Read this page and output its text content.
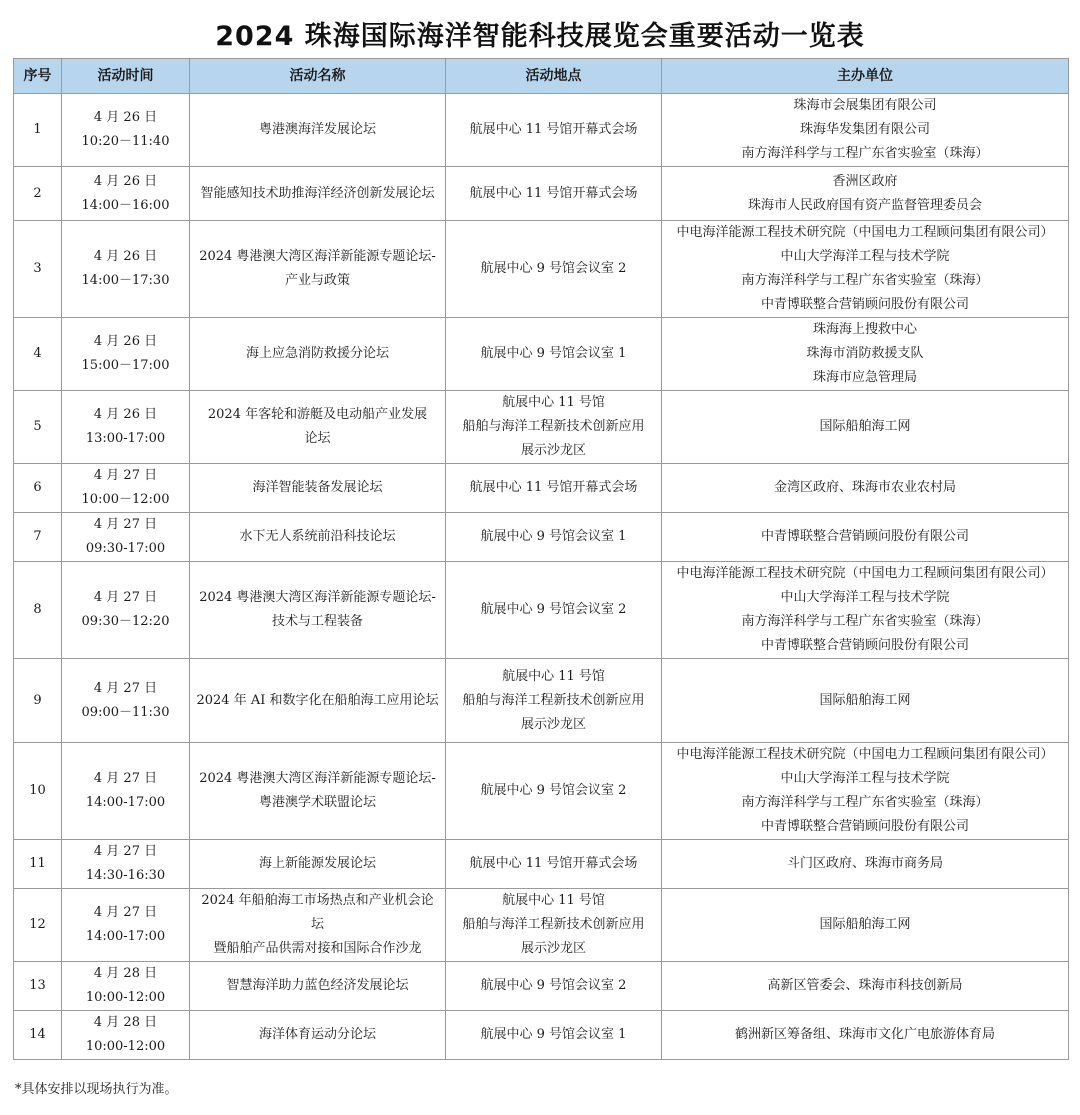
2024 珠海国际海洋智能科技展览会重要活动一览表
序号	活动时间	活动名称	活动地点	主办单位
1	4 月 26 日
10:20－11:40	粤港澳海洋发展论坛	航展中心 11 号馆开幕式会场	珠海市会展集团有限公司
珠海华发集团有限公司
南方海洋科学与工程广东省实验室（珠海）

2	4 月 26 日
14:00－16:00	智能感知技术助推海洋经济创新发展论坛	航展中心 11 号馆开幕式会场	香洲区政府
珠海市人民政府国有资产监督管理委员会

3	4 月 26 日
14:00－17:30	2024 粤港澳大湾区海洋新能源专题论坛-
产业与政策	航展中心 9 号馆会议室 2	中电海洋能源工程技术研究院（中国电力工程顾问集团有限公司）
中山大学海洋工程与技术学院
南方海洋科学与工程广东省实验室（珠海）
中青博联整合营销顾问股份有限公司

4	4 月 26 日
15:00－17:00	海上应急消防救援分论坛	航展中心 9 号馆会议室 1	珠海海上搜救中心
珠海市消防救援支队
珠海市应急管理局

5	4 月 26 日
13:00-17:00	2024 年客轮和游艇及电动船产业发展
论坛	航展中心 11 号馆
船舶与海洋工程新技术创新应用
展示沙龙区	国际船舶海工网

6	4 月 27 日
10:00－12:00	海洋智能装备发展论坛	航展中心 11 号馆开幕式会场	金湾区政府、珠海市农业农村局

7	4 月 27 日
09:30-17:00	水下无人系统前沿科技论坛	航展中心 9 号馆会议室 1	中青博联整合营销顾问股份有限公司

8	4 月 27 日
09:30－12:20	2024 粤港澳大湾区海洋新能源专题论坛-
技术与工程装备	航展中心 9 号馆会议室 2	中电海洋能源工程技术研究院（中国电力工程顾问集团有限公司）
中山大学海洋工程与技术学院
南方海洋科学与工程广东省实验室（珠海）
中青博联整合营销顾问股份有限公司

9	4 月 27 日
09:00－11:30	2024 年 AI 和数字化在船舶海工应用论坛	航展中心 11 号馆
船舶与海洋工程新技术创新应用
展示沙龙区	国际船舶海工网

10	4 月 27 日
14:00-17:00	2024 粤港澳大湾区海洋新能源专题论坛-
粤港澳学术联盟论坛	航展中心 9 号馆会议室 2	中电海洋能源工程技术研究院（中国电力工程顾问集团有限公司）
中山大学海洋工程与技术学院
南方海洋科学与工程广东省实验室（珠海）
中青博联整合营销顾问股份有限公司

11	4 月 27 日
14:30-16:30	海上新能源发展论坛	航展中心 11 号馆开幕式会场	斗门区政府、珠海市商务局

12	4 月 27 日
14:00-17:00	2024 年船舶海工市场热点和产业机会论
坛
暨船舶产品供需对接和国际合作沙龙	航展中心 11 号馆
船舶与海洋工程新技术创新应用
展示沙龙区	国际船舶海工网

13	4 月 28 日
10:00-12:00	智慧海洋助力蓝色经济发展论坛	航展中心 9 号馆会议室 2	高新区管委会、珠海市科技创新局

14	4 月 28 日
10:00-12:00	海洋体育运动分论坛	航展中心 9 号馆会议室 1	鹤洲新区筹备组、珠海市文化广电旅游体育局
*具体安排以现场执行为准。
